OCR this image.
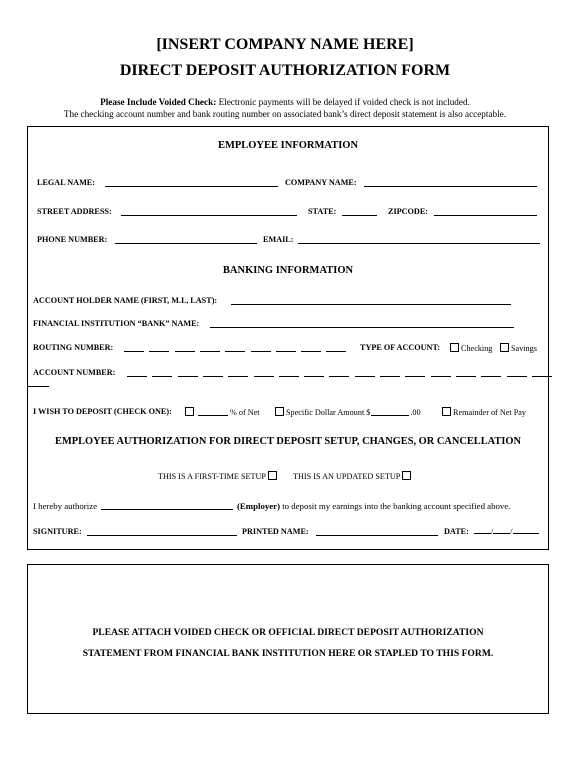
[INSERT COMPANY NAME HERE]
DIRECT DEPOSIT AUTHORIZATION FORM
Please Include Voided Check: Electronic payments will be delayed if voided check is not included.
The checking account number and bank routing number on associated bank’s direct deposit statement is also acceptable.
EMPLOYEE INFORMATION
LEGAL NAME:	COMPANY NAME:
STREET ADDRESS:	STATE:	ZIPCODE:
PHONE NUMBER:	EMAIL:
BANKING INFORMATION
ACCOUNT HOLDER NAME (FIRST, M.I., LAST):
FINANCIAL INSTITUTION “BANK” NAME:
ROUTING NUMBER:	TYPE OF ACCOUNT:	Checking	Savings
ACCOUNT NUMBER:
I WISH TO DEPOSIT (CHECK ONE):	% of Net	Specific Dollar Amount $	.00	Remainder of Net Pay
EMPLOYEE AUTHORIZATION FOR DIRECT DEPOSIT SETUP, CHANGES, OR CANCELLATION
THIS IS A FIRST-TIME SETUP	THIS IS AN UPDATED SETUP
I hereby authorize	(Employer) to deposit my earnings into the banking account specified above.
SIGNITURE:	PRINTED NAME:	DATE:	/ /
PLEASE ATTACH VOIDED CHECK OR OFFICIAL DIRECT DEPOSIT AUTHORIZATION
STATEMENT FROM FINANCIAL BANK INSTITUTION HERE OR STAPLED TO THIS FORM.
